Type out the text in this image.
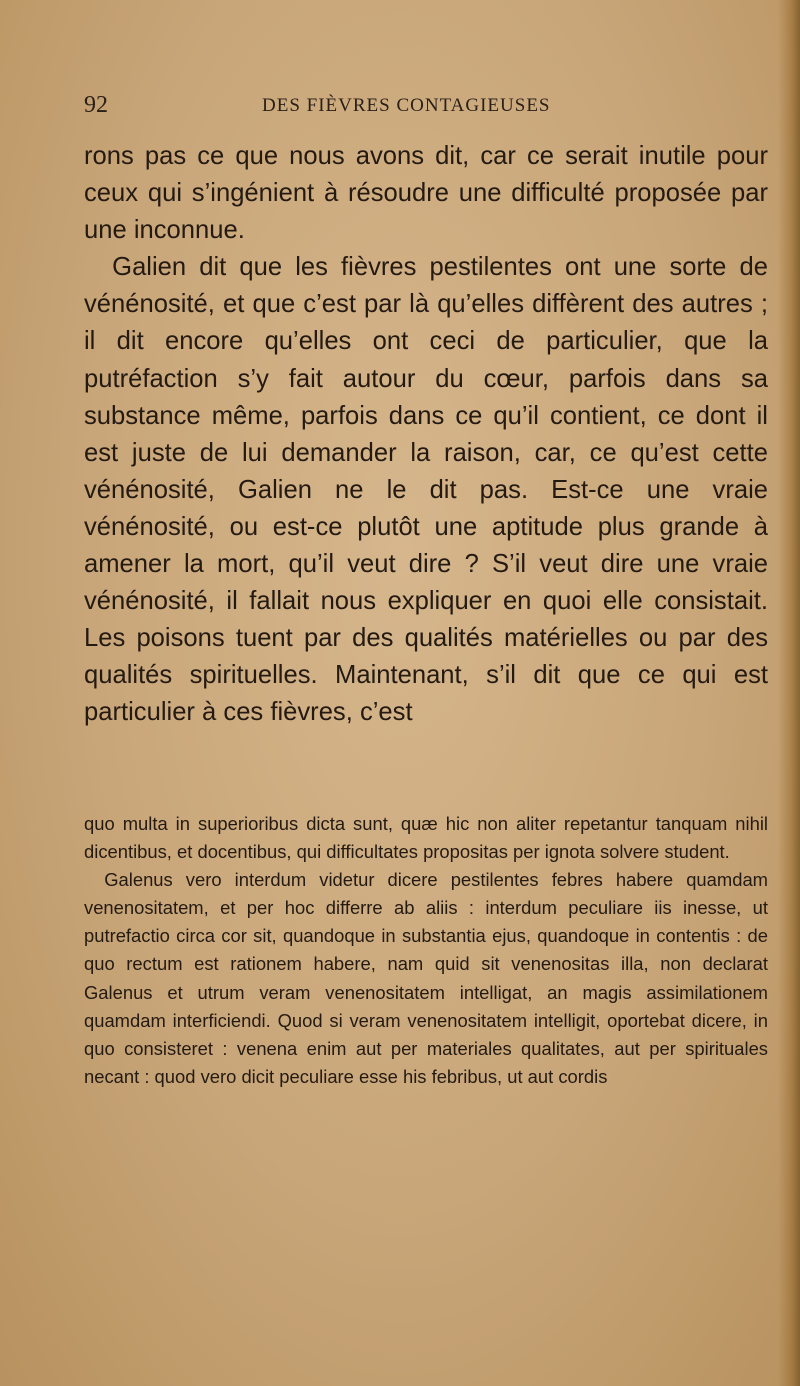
92	DES FIÈVRES CONTAGIEUSES

rons pas ce que nous avons dit, car ce serait inutile pour ceux qui s’ingénient à résoudre une difficulté proposée par une inconnue.

Galien dit que les fièvres pestilentes ont une sorte de vénénosité, et que c’est par là qu’elles diffèrent des autres ; il dit encore qu’elles ont ceci de particulier, que la putréfaction s’y fait autour du cœur, parfois dans sa substance même, parfois dans ce qu’il contient, ce dont il est juste de lui demander la raison, car, ce qu’est cette vénénosité, Galien ne le dit pas. Est-ce une vraie vénénosité, ou est-ce plutôt une aptitude plus grande à amener la mort, qu’il veut dire ? S’il veut dire une vraie vénénosité, il fallait nous expliquer en quoi elle consistait. Les poisons tuent par des qualités matérielles ou par des qualités spirituelles. Maintenant, s’il dit que ce qui est particulier à ces fièvres, c’est

quo multa in superioribus dicta sunt, quæ hic non aliter repetantur tanquam nihil dicentibus, et docentibus, qui difficultates propositas per ignota solvere student.

Galenus vero interdum videtur dicere pestilentes febres habere quamdam venenositatem, et per hoc differre ab aliis : interdum peculiare iis inesse, ut putrefactio circa cor sit, quandoque in substantia ejus, quandoque in contentis : de quo rectum est rationem habere, nam quid sit venenositas illa, non declarat Galenus et utrum veram venenositatem intelligat, an magis assimilationem quamdam interficiendi. Quod si veram venenositatem intelligit, oportebat dicere, in quo consisteret : venena enim aut per materiales qualitates, aut per spirituales necant : quod vero dicit peculiare esse his febribus, ut aut cordis
